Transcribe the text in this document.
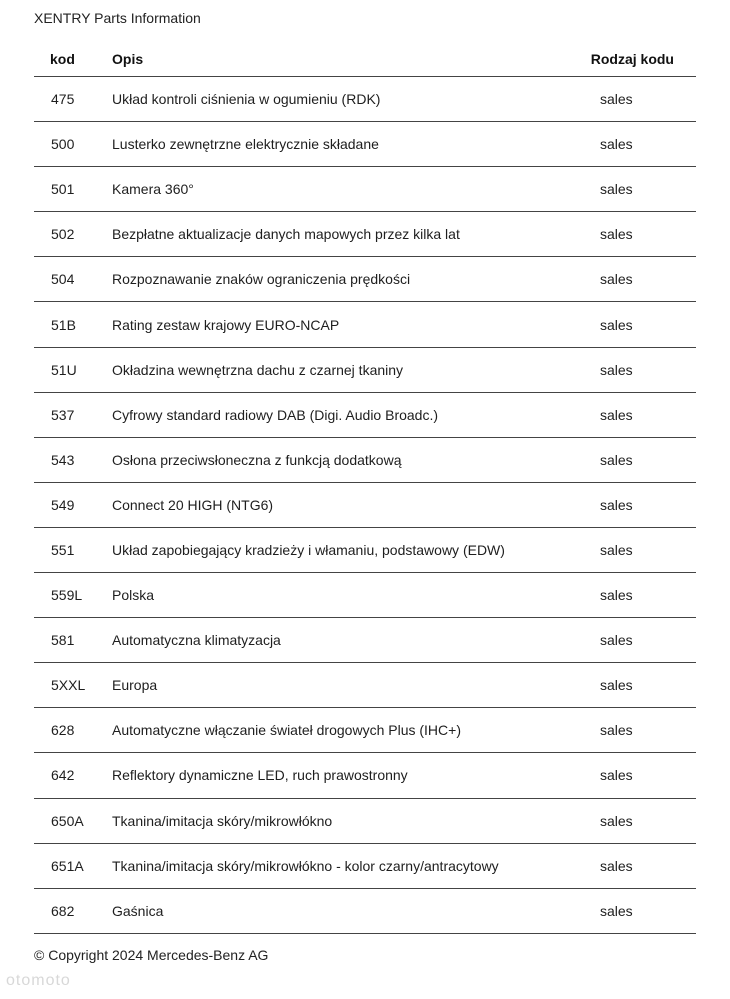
XENTRY Parts Information
kod	Opis	Rodzaj kodu
475	Układ kontroli ciśnienia w ogumieniu (RDK)	sales
500	Lusterko zewnętrzne elektrycznie składane	sales
501	Kamera 360°	sales
502	Bezpłatne aktualizacje danych mapowych przez kilka lat	sales
504	Rozpoznawanie znaków ograniczenia prędkości	sales
51B	Rating zestaw krajowy EURO-NCAP	sales
51U	Okładzina wewnętrzna dachu z czarnej tkaniny	sales
537	Cyfrowy standard radiowy DAB (Digi. Audio Broadc.)	sales
543	Osłona przeciwsłoneczna z funkcją dodatkową	sales
549	Connect 20 HIGH (NTG6)	sales
551	Układ zapobiegający kradzieży i włamaniu, podstawowy (EDW)	sales
559L	Polska	sales
581	Automatyczna klimatyzacja	sales
5XXL	Europa	sales
628	Automatyczne włączanie świateł drogowych Plus (IHC+)	sales
642	Reflektory dynamiczne LED, ruch prawostronny	sales
650A	Tkanina/imitacja skóry/mikrowłókno	sales
651A	Tkanina/imitacja skóry/mikrowłókno - kolor czarny/antracytowy	sales
682	Gaśnica	sales
© Copyright 2024 Mercedes-Benz AG
otomoto
